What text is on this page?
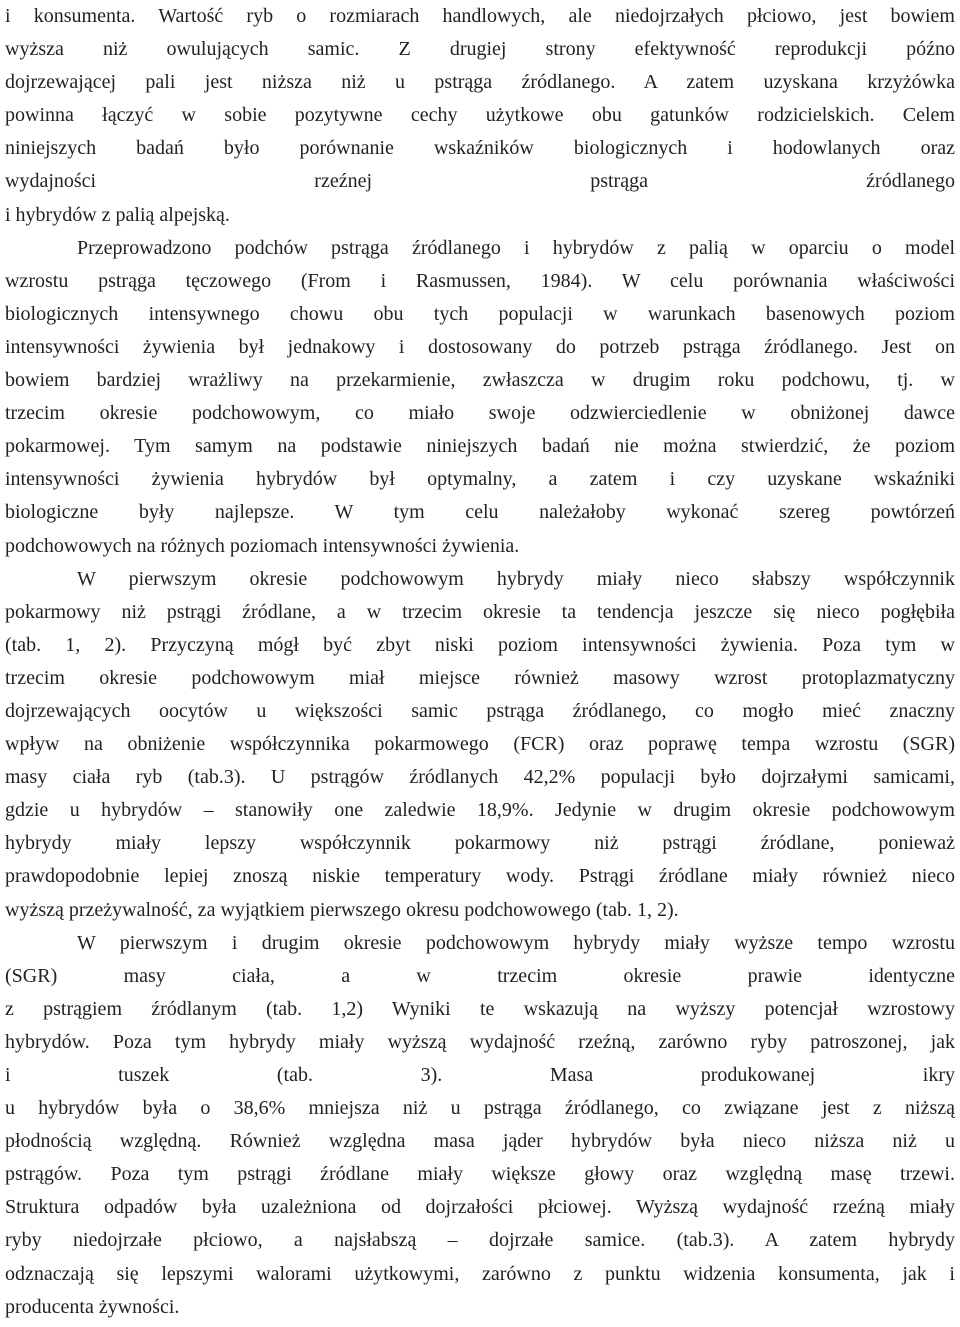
i konsumenta. Wartość ryb o rozmiarach handlowych, ale niedojrzałych płciowo, jest bowiem
wyższa niż owulujących samic. Z drugiej strony efektywność reprodukcji późno
dojrzewającej pali jest niższa niż u pstrąga źródlanego. A zatem uzyskana krzyżówka
powinna łączyć w sobie pozytywne cechy użytkowe obu gatunków rodzicielskich. Celem
niniejszych badań było porównanie wskaźników biologicznych i hodowlanych oraz
wydajności rzeźnej pstrąga źródlanego
i hybrydów z palią alpejską.
Przeprowadzono podchów pstrąga źródlanego i hybrydów z palią w oparciu o model
wzrostu pstrąga tęczowego (From i Rasmussen, 1984). W celu porównania właściwości
biologicznych intensywnego chowu obu tych populacji w warunkach basenowych poziom
intensywności żywienia był jednakowy i dostosowany do potrzeb pstrąga źródlanego. Jest on
bowiem bardziej wrażliwy na przekarmienie, zwłaszcza w drugim roku podchowu, tj. w
trzecim okresie podchowowym, co miało swoje odzwierciedlenie w obniżonej dawce
pokarmowej. Tym samym na podstawie niniejszych badań nie można stwierdzić, że poziom
intensywności żywienia hybrydów był optymalny, a zatem i czy uzyskane wskaźniki
biologiczne były najlepsze. W tym celu należałoby wykonać szereg powtórzeń
podchowowych na różnych poziomach intensywności żywienia.
W pierwszym okresie podchowowym hybrydy miały nieco słabszy współczynnik
pokarmowy niż pstrągi źródlane, a w trzecim okresie ta tendencja jeszcze się nieco pogłębiła
(tab. 1, 2). Przyczyną mógł być zbyt niski poziom intensywności żywienia. Poza tym w
trzecim okresie podchowowym miał miejsce również masowy wzrost protoplazmatyczny
dojrzewających oocytów u większości samic pstrąga źródlanego, co mogło mieć znaczny
wpływ na obniżenie współczynnika pokarmowego (FCR) oraz poprawę tempa wzrostu (SGR)
masy ciała ryb (tab.3). U pstrągów źródlanych 42,2% populacji było dojrzałymi samicami,
gdzie u hybrydów – stanowiły one zaledwie 18,9%. Jedynie w drugim okresie podchowowym
hybrydy miały lepszy współczynnik pokarmowy niż pstrągi źródlane, ponieważ
prawdopodobnie lepiej znoszą niskie temperatury wody. Pstrągi źródlane miały również nieco
wyższą przeżywalność, za wyjątkiem pierwszego okresu podchowowego (tab. 1, 2).
W pierwszym i drugim okresie podchowowym hybrydy miały wyższe tempo wzrostu
(SGR) masy ciała, a w trzecim okresie prawie identyczne
z pstrągiem źródlanym (tab. 1,2) Wyniki te wskazują na wyższy potencjał wzrostowy
hybrydów. Poza tym hybrydy miały wyższą wydajność rzeźną, zarówno ryby patroszonej, jak
i tuszek (tab. 3). Masa produkowanej ikry
u hybrydów była o 38,6% mniejsza niż u pstrąga źródlanego, co związane jest z niższą
płodnością względną. Również względna masa jąder hybrydów była nieco niższa niż u
pstrągów. Poza tym pstrągi źródlane miały większe głowy oraz względną masę trzewi.
Struktura odpadów była uzależniona od dojrzałości płciowej. Wyższą wydajność rzeźną miały
ryby niedojrzałe płciowo, a najsłabszą – dojrzałe samice. (tab.3). A zatem hybrydy
odznaczają się lepszymi walorami użytkowymi, zarówno z punktu widzenia konsumenta, jak i
producenta żywności.
